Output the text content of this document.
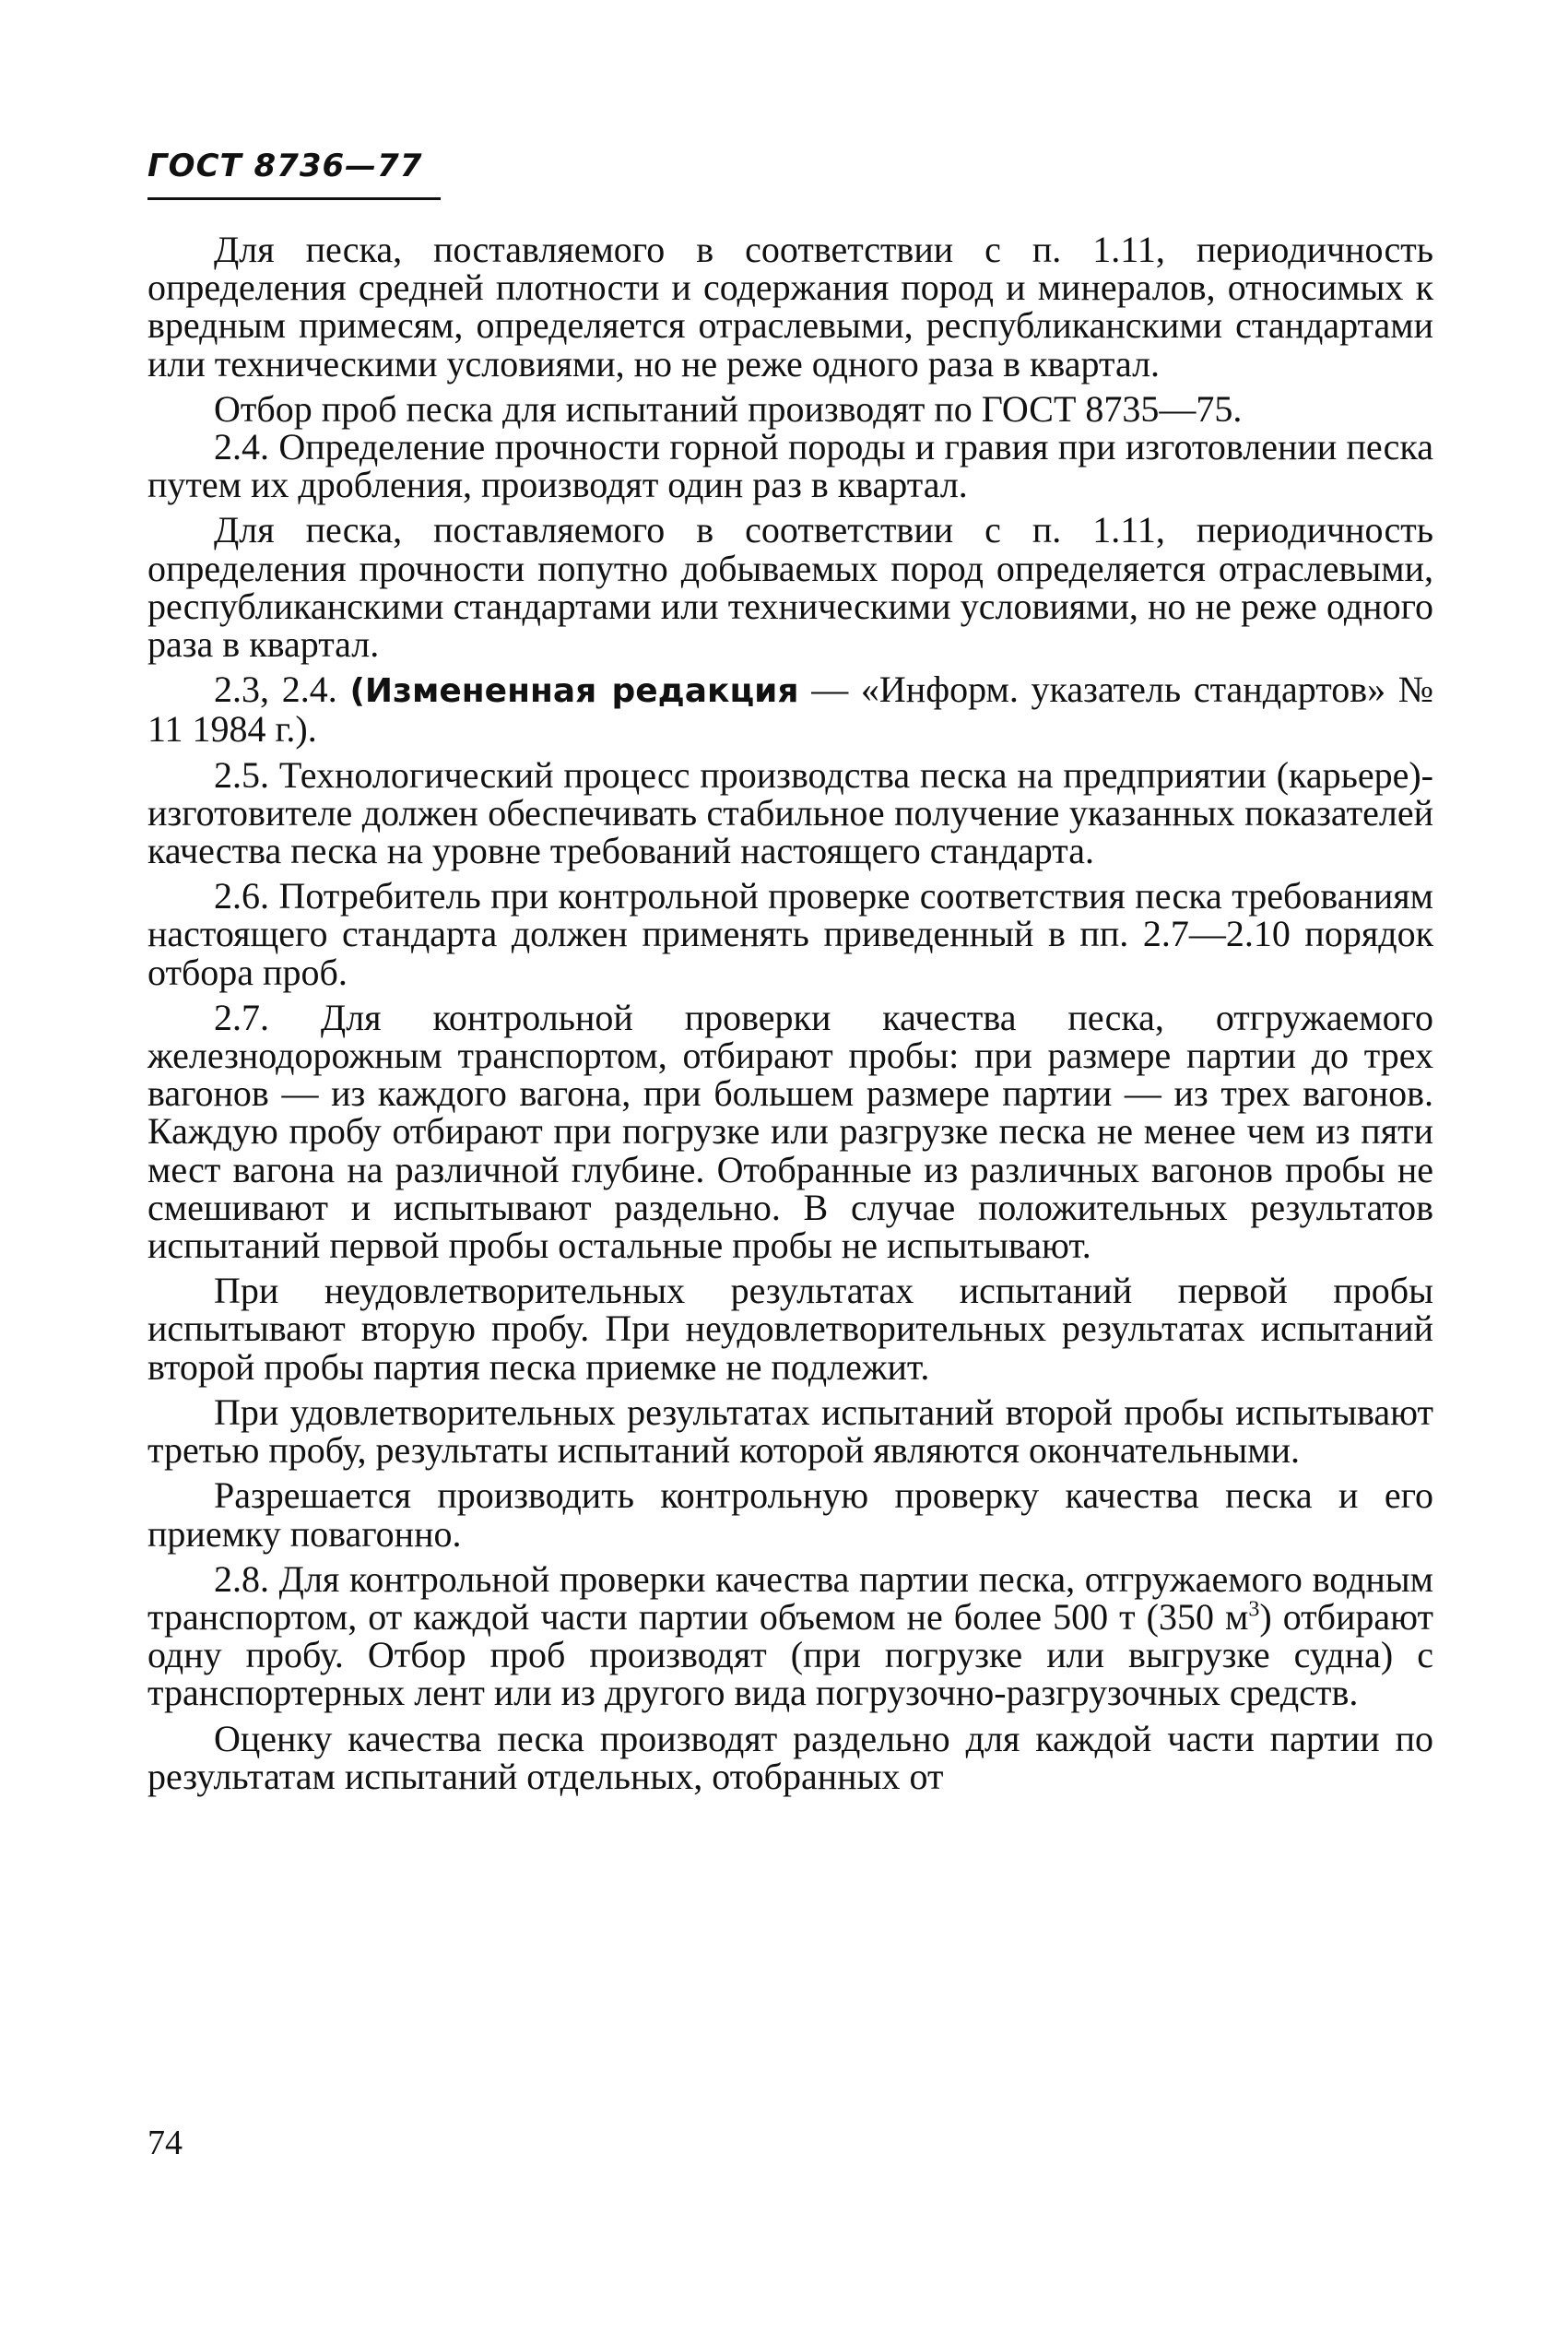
ГОСТ 8736—77

Для песка, поставляемого в соответствии с п. 1.11, периодичность определения средней плотности и содержания пород и минералов, относимых к вредным примесям, определяется отраслевыми, республиканскими стандартами или техническими условиями, но не реже одного раза в квартал.

Отбор проб песка для испытаний производят по ГОСТ 8735—75.

2.4. Определение прочности горной породы и гравия при изготовлении песка путем их дробления, производят один раз в квартал.

Для песка, поставляемого в соответствии с п. 1.11, периодичность определения прочности попутно добываемых пород определяется отраслевыми, республиканскими стандартами или техническими условиями, но не реже одного раза в квартал.

2.3, 2.4. (Измененная редакция — «Информ. указатель стандартов» № 11 1984 г.).

2.5. Технологический процесс производства песка на предприятии (карьере)-изготовителе должен обеспечивать стабильное получение указанных показателей качества песка на уровне требований настоящего стандарта.

2.6. Потребитель при контрольной проверке соответствия песка требованиям настоящего стандарта должен применять приведенный в пп. 2.7—2.10 порядок отбора проб.

2.7. Для контрольной проверки качества песка, отгружаемого железнодорожным транспортом, отбирают пробы: при размере партии до трех вагонов — из каждого вагона, при большем размере партии — из трех вагонов. Каждую пробу отбирают при погрузке или разгрузке песка не менее чем из пяти мест вагона на различной глубине. Отобранные из различных вагонов пробы не смешивают и испытывают раздельно. В случае положительных результатов испытаний первой пробы остальные пробы не испытывают.

При неудовлетворительных результатах испытаний первой пробы испытывают вторую пробу. При неудовлетворительных результатах испытаний второй пробы партия песка приемке не подлежит.

При удовлетворительных результатах испытаний второй пробы испытывают третью пробу, результаты испытаний которой являются окончательными.

Разрешается производить контрольную проверку качества песка и его приемку повагонно.

2.8. Для контрольной проверки качества партии песка, отгружаемого водным транспортом, от каждой части партии объемом не более 500 т (350 $м^3$) отбирают одну пробу. Отбор проб производят (при погрузке или выгрузке судна) с транспортерных лент или из другого вида погрузочно-разгрузочных средств.

Оценку качества песка производят раздельно для каждой части партии по результатам испытаний отдельных, отобранных от

74
